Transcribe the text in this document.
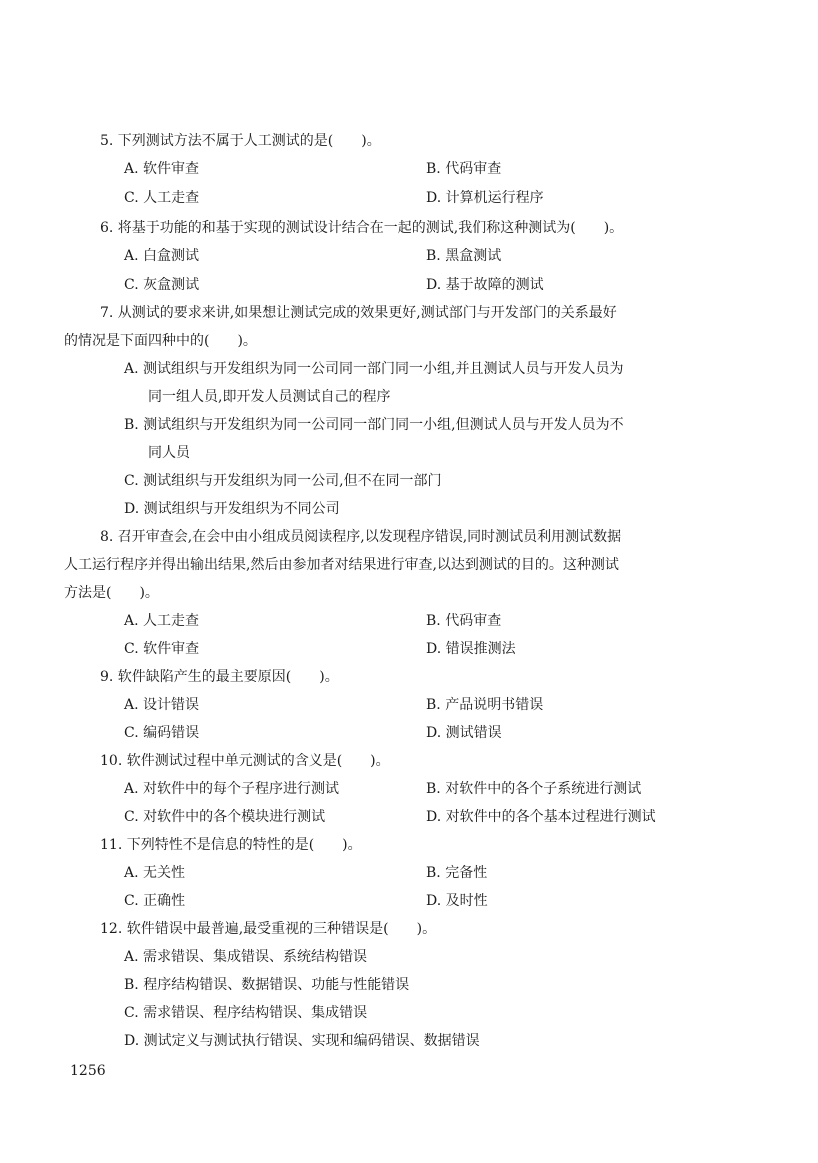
5. 下列测试方法不属于人工测试的是(　　)。
A. 软件审查	B. 代码审查
C. 人工走查	D. 计算机运行程序
6. 将基于功能的和基于实现的测试设计结合在一起的测试,我们称这种测试为(　　)。
A. 白盒测试	B. 黑盒测试
C. 灰盒测试	D. 基于故障的测试
7. 从测试的要求来讲,如果想让测试完成的效果更好,测试部门与开发部门的关系最好
的情况是下面四种中的(　　)。
A. 测试组织与开发组织为同一公司同一部门同一小组,并且测试人员与开发人员为
同一组人员,即开发人员测试自己的程序
B. 测试组织与开发组织为同一公司同一部门同一小组,但测试人员与开发人员为不
同人员
C. 测试组织与开发组织为同一公司,但不在同一部门
D. 测试组织与开发组织为不同公司
8. 召开审查会,在会中由小组成员阅读程序,以发现程序错误,同时测试员利用测试数据
人工运行程序并得出输出结果,然后由参加者对结果进行审查,以达到测试的目的。这种测试
方法是(　　)。
A. 人工走查	B. 代码审查
C. 软件审查	D. 错误推测法
9. 软件缺陷产生的最主要原因(　　)。
A. 设计错误	B. 产品说明书错误
C. 编码错误	D. 测试错误
10. 软件测试过程中单元测试的含义是(　　)。
A. 对软件中的每个子程序进行测试	B. 对软件中的各个子系统进行测试
C. 对软件中的各个模块进行测试	D. 对软件中的各个基本过程进行测试
11. 下列特性不是信息的特性的是(　　)。
A. 无关性	B. 完备性
C. 正确性	D. 及时性
12. 软件错误中最普遍,最受重视的三种错误是(　　)。
A. 需求错误、集成错误、系统结构错误
B. 程序结构错误、数据错误、功能与性能错误
C. 需求错误、程序结构错误、集成错误
D. 测试定义与测试执行错误、实现和编码错误、数据错误
1256
